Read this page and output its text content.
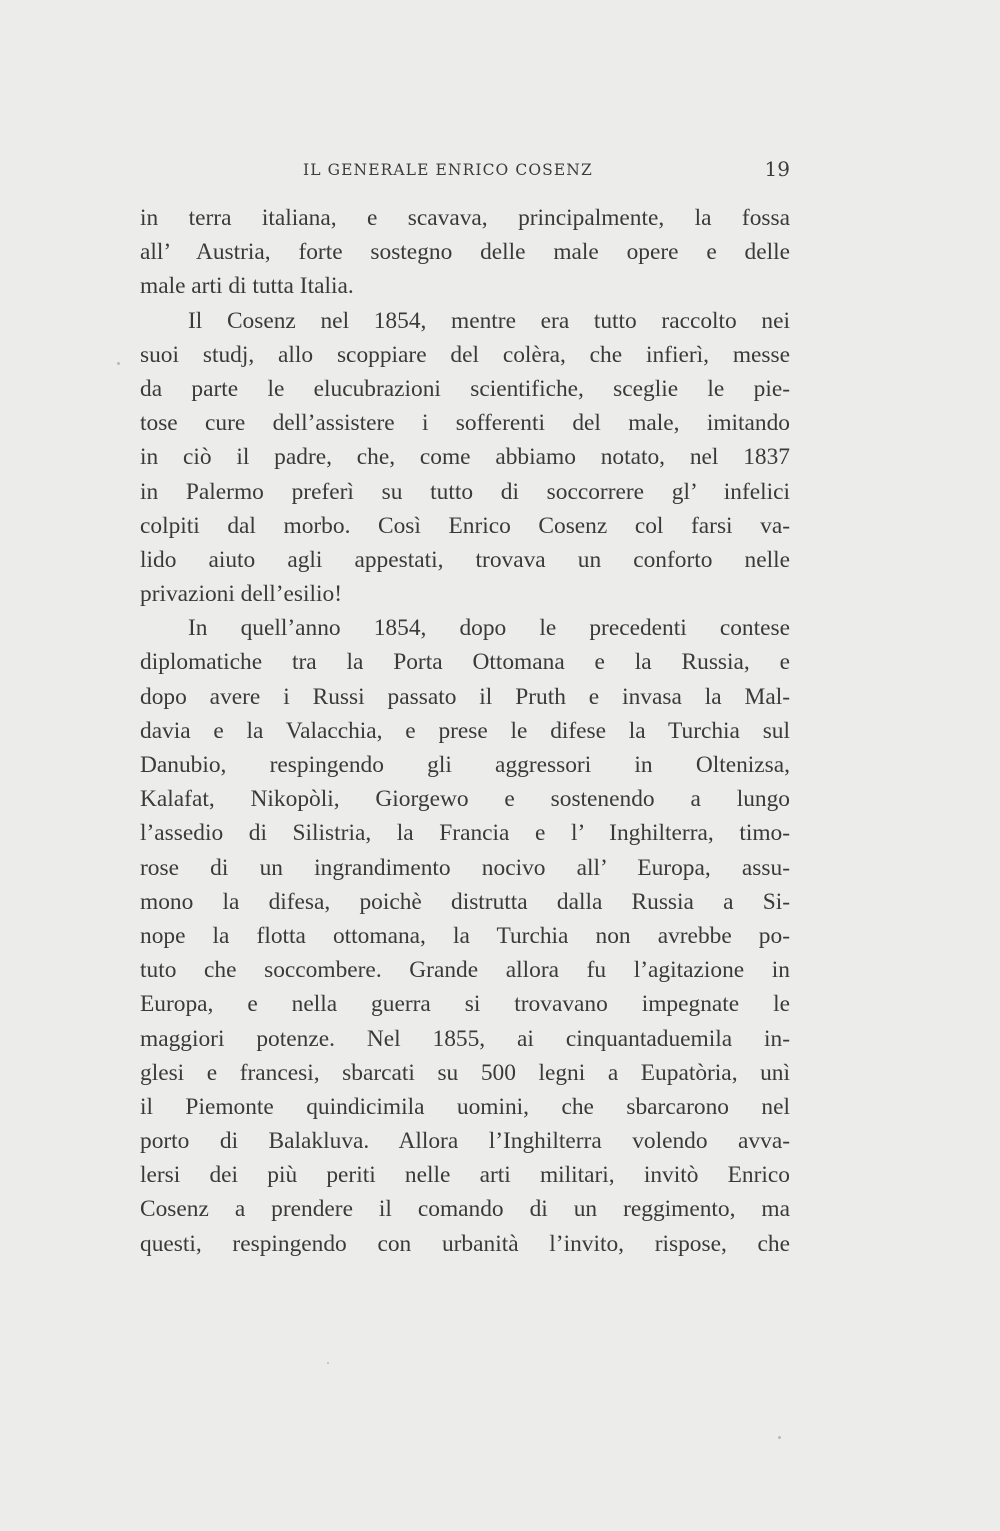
IL GENERALE ENRICO COSENZ	19
in terra italiana, e scavava, principalmente, la fossa
all’ Austria, forte sostegno delle male opere e delle
male arti di tutta Italia.
Il Cosenz nel 1854, mentre era tutto raccolto nei
suoi studj, allo scoppiare del colèra, che infierì, messe
da parte le elucubrazioni scientifiche, sceglie le pie-
tose cure dell’assistere i sofferenti del male, imitando
in ciò il padre, che, come abbiamo notato, nel 1837
in Palermo preferì su tutto di soccorrere gl’ infelici
colpiti dal morbo. Così Enrico Cosenz col farsi va-
lido aiuto agli appestati, trovava un conforto nelle
privazioni dell’esilio!
In quell’anno 1854, dopo le precedenti contese
diplomatiche tra la Porta Ottomana e la Russia, e
dopo avere i Russi passato il Pruth e invasa la Mal-
davia e la Valacchia, e prese le difese la Turchia sul
Danubio, respingendo gli aggressori in Oltenizsa,
Kalafat, Nikopòli, Giorgewo e sostenendo a lungo
l’assedio di Silistria, la Francia e l’ Inghilterra, timo-
rose di un ingrandimento nocivo all’ Europa, assu-
mono la difesa, poichè distrutta dalla Russia a Si-
nope la flotta ottomana, la Turchia non avrebbe po-
tuto che soccombere. Grande allora fu l’agitazione in
Europa, e nella guerra si trovavano impegnate le
maggiori potenze. Nel 1855, ai cinquantaduemila in-
glesi e francesi, sbarcati su 500 legni a Eupatòria, unì
il Piemonte quindicimila uomini, che sbarcarono nel
porto di Balakluva. Allora l’Inghilterra volendo avva-
lersi dei più periti nelle arti militari, invitò Enrico
Cosenz a prendere il comando di un reggimento, ma
questi, respingendo con urbanità l’invito, rispose, che
